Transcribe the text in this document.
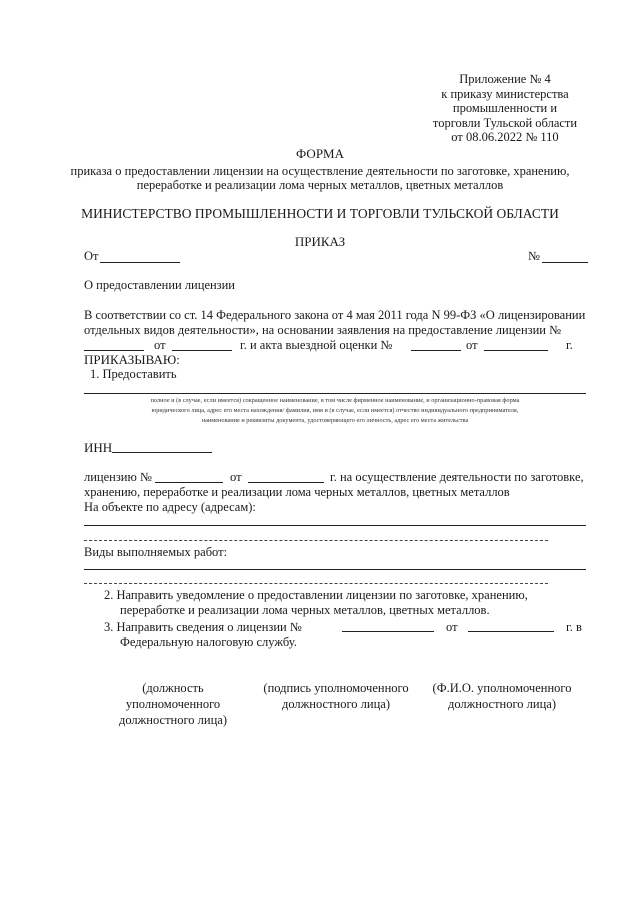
Приложение № 4
к приказу министерства
промышленности и
торговли Тульской области
от 08.06.2022 № 110
ФОРМА
приказа о предоставлении лицензии на осуществление деятельности по заготовке, хранению,
переработке и реализации лома черных металлов, цветных металлов
МИНИСТЕРСТВО ПРОМЫШЛЕННОСТИ И ТОРГОВЛИ ТУЛЬСКОЙ ОБЛАСТИ
ПРИКАЗ
От	№
О предоставлении лицензии
В соответствии со ст. 14 Федерального закона от 4 мая 2011 года N 99-ФЗ «О лицензировании
отдельных видов деятельности», на основании заявления на предоставление лицензии №
от	г. и акта выездной оценки №	от	г.
ПРИКАЗЫВАЮ:
1. Предоставить
полное и (в случае, если имеется) сокращенное наименование, в том числе фирменное наименование, и организационно-правовая форма
юридического лица, адрес его места нахождения/ фамилия, имя и (в случае, если имеется) отчество индивидуального предпринимателя,
наименование и реквизиты документа, удостоверяющего его личность, адрес его места жительства
ИНН
лицензию №	от	г. на осуществление деятельности по заготовке,
хранению, переработке и реализации лома черных металлов, цветных металлов
На объекте по адресу (адресам):
Виды выполняемых работ:
2. Направить уведомление о предоставлении лицензии по заготовке, хранению,
переработке и реализации лома черных металлов, цветных металлов.
3. Направить сведения о лицензии №	от	г. в
Федеральную налоговую службу.
(должность
уполномоченного
должностного лица)
(подпись уполномоченного
должностного лица)
(Ф.И.О. уполномоченного
должностного лица)
